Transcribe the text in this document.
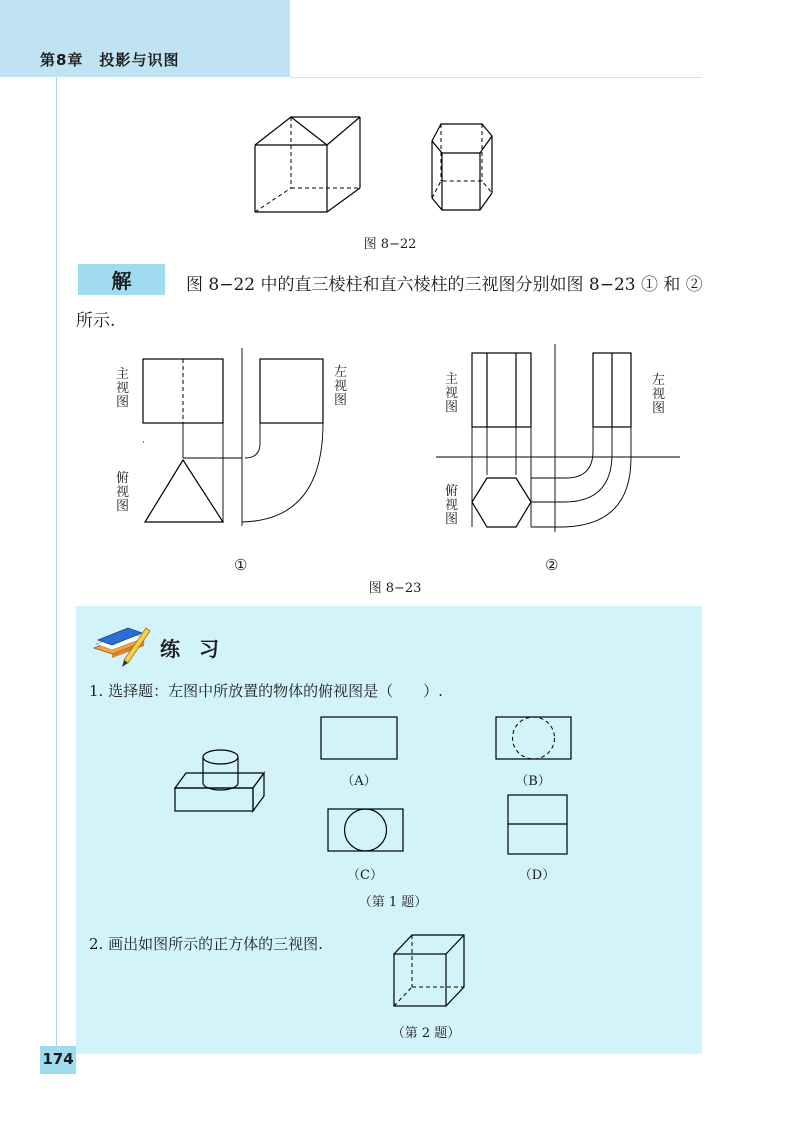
第8章　投影与识图
图 8−22
解	图 8−22 中的直三棱柱和直六棱柱的三视图分别如图 8−23 ① 和 ②
所示.
主视图
左视图
俯视图
①
主视图
左视图
俯视图
②
图 8−23
练 习
1. 选择题：左图中所放置的物体的俯视图是（　　）.
（A）	（B）
（C）	（D）
（第 1 题）
2. 画出如图所示的正方体的三视图.
（第 2 题）
174
